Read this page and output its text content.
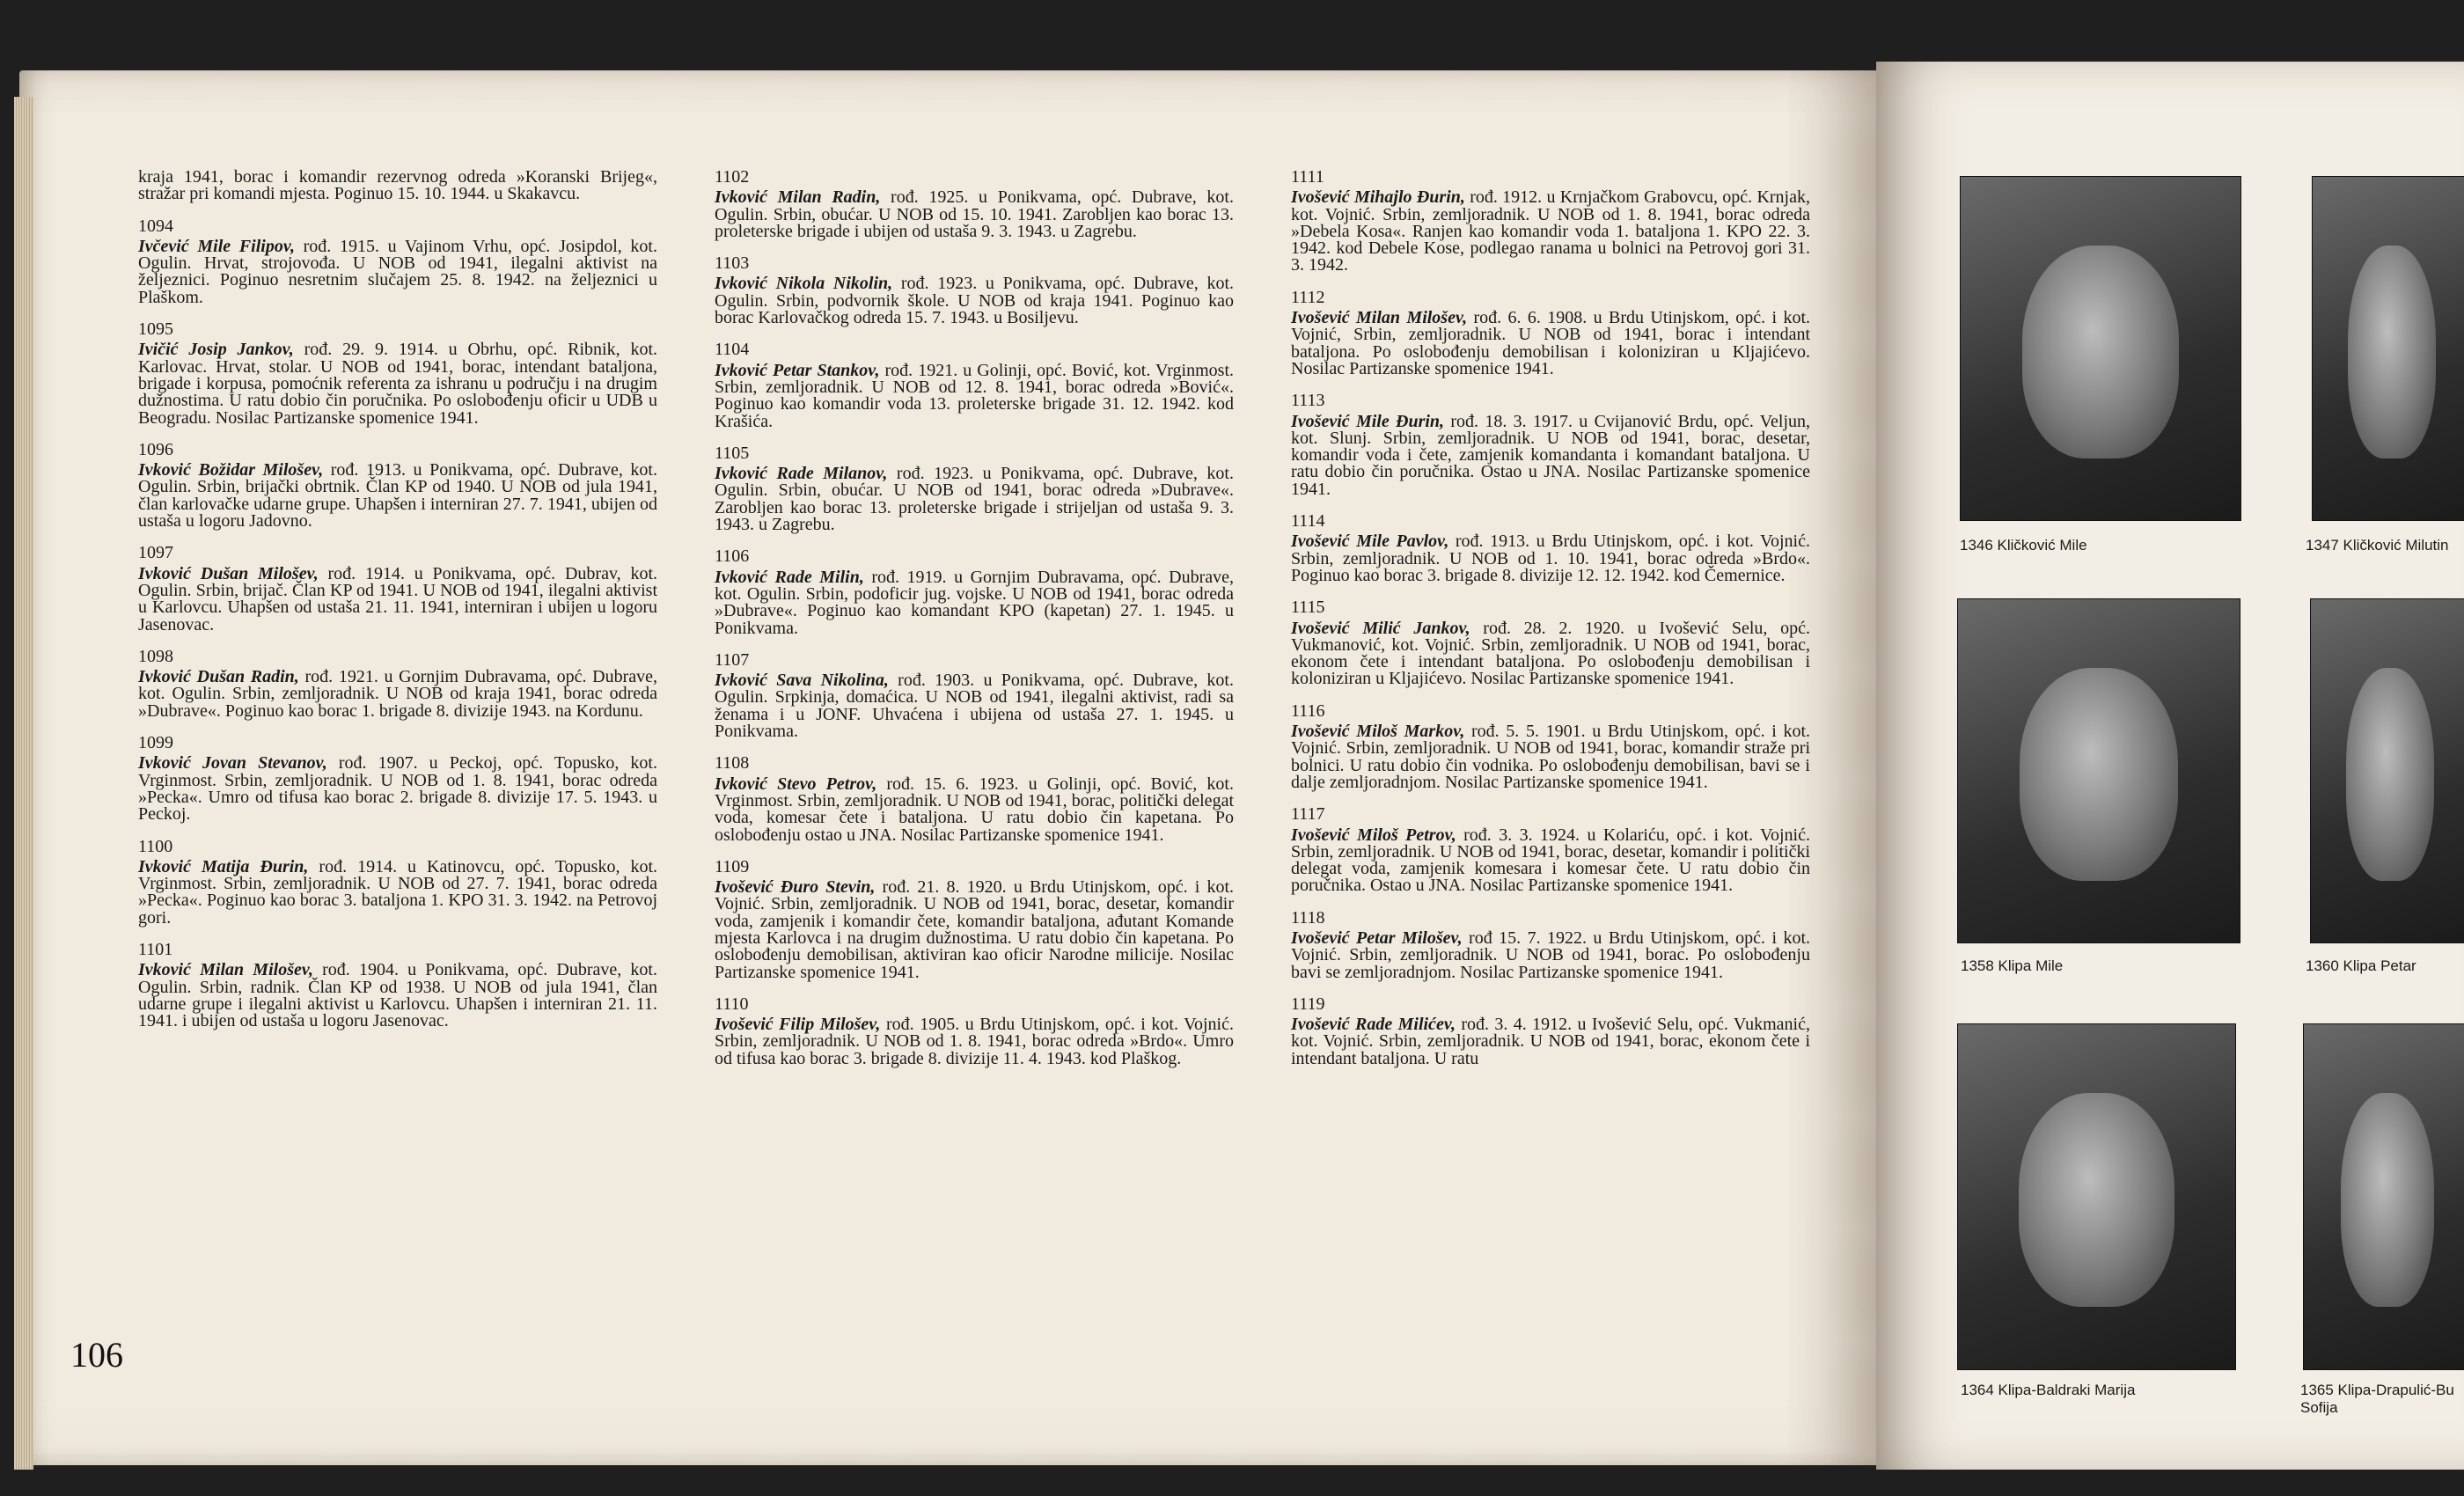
kraja 1941, borac i komandir rezervnog odreda »Koranski Brijeg«, stražar pri komandi mjesta. Poginuo 15. 10. 1944. u Skakavcu.

1094
Ivčević Mile Filipov, rođ. 1915. u Vajinom Vrhu, opć. Josipdol, kot. Ogulin. Hrvat, strojovođa. U NOB od 1941, ilegalni aktivist na željeznici. Poginuo nesretnim slučajem 25. 8. 1942. na željeznici u Plaškom.
1095
Ivičić Josip Jankov, rođ. 29. 9. 1914. u Obrhu, opć. Ribnik, kot. Karlovac. Hrvat, stolar. U NOB od 1941, borac, intendant bataljona, brigade i korpusa, pomoćnik referenta za ishranu u području i na drugim dužnostima. U ratu dobio čin poručnika. Po oslobođenju oficir u UDB u Beogradu. Nosilac Partizanske spomenice 1941.
1096
Ivković Božidar Milošev, rođ. 1913. u Ponikvama, opć. Dubrave, kot. Ogulin. Srbin, brijački obrtnik. Član KP od 1940. U NOB od jula 1941, član karlovačke udarne grupe. Uhapšen i interniran 27. 7. 1941, ubijen od ustaša u logoru Jadovno.
1097
Ivković Dušan Milošev, rođ. 1914. u Ponikvama, opć. Dubrav, kot. Ogulin. Srbin, brijač. Član KP od 1941. U NOB od 1941, ilegalni aktivist u Karlovcu. Uhapšen od ustaša 21. 11. 1941, interniran i ubijen u logoru Jasenovac.
1098
Ivković Dušan Radin, rođ. 1921. u Gornjim Dubravama, opć. Dubrave, kot. Ogulin. Srbin, zemljoradnik. U NOB od kraja 1941, borac odreda »Dubrave«. Poginuo kao borac 1. brigade 8. divizije 1943. na Kordunu.
1099
Ivković Jovan Stevanov, rođ. 1907. u Peckoj, opć. Topusko, kot. Vrginmost. Srbin, zemljoradnik. U NOB od 1. 8. 1941, borac odreda »Pecka«. Umro od tifusa kao borac 2. brigade 8. divizije 17. 5. 1943. u Peckoj.
1100
Ivković Matija Đurin, rođ. 1914. u Katinovcu, opć. Topusko, kot. Vrginmost. Srbin, zemljoradnik. U NOB od 27. 7. 1941, borac odreda »Pecka«. Poginuo kao borac 3. bataljona 1. KPO 31. 3. 1942. na Petrovoj gori.
1101
Ivković Milan Milošev, rođ. 1904. u Ponikvama, opć. Dubrave, kot. Ogulin. Srbin, radnik. Član KP od 1938. U NOB od jula 1941, član udarne grupe i ilegalni aktivist u Karlovcu. Uhapšen i interniran 21. 11. 1941. i ubijen od ustaša u logoru Jasenovac.
1102
Ivković Milan Radin, rođ. 1925. u Ponikvama, opć. Dubrave, kot. Ogulin. Srbin, obućar. U NOB od 15. 10. 1941. Zarobljen kao borac 13. proleterske brigade i ubijen od ustaša 9. 3. 1943. u Zagrebu.
1103
Ivković Nikola Nikolin, rođ. 1923. u Ponikvama, opć. Dubrave, kot. Ogulin. Srbin, podvornik škole. U NOB od kraja 1941. Poginuo kao borac Karlovačkog odreda 15. 7. 1943. u Bosiljevu.
1104
Ivković Petar Stankov, rođ. 1921. u Golinji, opć. Bović, kot. Vrginmost. Srbin, zemljoradnik. U NOB od 12. 8. 1941, borac odreda »Bović«. Poginuo kao komandir voda 13. proleterske brigade 31. 12. 1942. kod Krašića.
1105
Ivković Rade Milanov, rođ. 1923. u Ponikvama, opć. Dubrave, kot. Ogulin. Srbin, obućar. U NOB od 1941, borac odreda »Dubrave«. Zarobljen kao borac 13. proleterske brigade i strijeljan od ustaša 9. 3. 1943. u Zagrebu.
1106
Ivković Rade Milin, rođ. 1919. u Gornjim Dubravama, opć. Dubrave, kot. Ogulin. Srbin, podoficir jug. vojske. U NOB od 1941, borac odreda »Dubrave«. Poginuo kao komandant KPO (kapetan) 27. 1. 1945. u Ponikvama.
1107
Ivković Sava Nikolina, rođ. 1903. u Ponikvama, opć. Dubrave, kot. Ogulin. Srpkinja, domaćica. U NOB od 1941, ilegalni aktivist, radi sa ženama i u JONF. Uhvaćena i ubijena od ustaša 27. 1. 1945. u Ponikvama.
1108
Ivković Stevo Petrov, rođ. 15. 6. 1923. u Golinji, opć. Bović, kot. Vrginmost. Srbin, zemljoradnik. U NOB od 1941, borac, politički delegat voda, komesar čete i bataljona. U ratu dobio čin kapetana. Po oslobođenju ostao u JNA. Nosilac Partizanske spomenice 1941.
1109
Ivošević Đuro Stevin, rođ. 21. 8. 1920. u Brdu Utinjskom, opć. i kot. Vojnić. Srbin, zemljoradnik. U NOB od 1941, borac, desetar, komandir voda, zamjenik i komandir čete, komandir bataljona, ađutant Komande mjesta Karlovca i na drugim dužnostima. U ratu dobio čin kapetana. Po oslobođenju demobilisan, aktiviran kao oficir Narodne milicije. Nosilac Partizanske spomenice 1941.
1110
Ivošević Filip Milošev, rođ. 1905. u Brdu Utinjskom, opć. i kot. Vojnić. Srbin, zemljoradnik. U NOB od 1. 8. 1941, borac odreda »Brdo«. Umro od tifusa kao borac 3. brigade 8. divizije 11. 4. 1943. kod Plaškog.
1111
Ivošević Mihajlo Đurin, rođ. 1912. u Krnjačkom Grabovcu, opć. Krnjak, kot. Vojnić. Srbin, zemljoradnik. U NOB od 1. 8. 1941, borac odreda »Debela Kosa«. Ranjen kao komandir voda 1. bataljona 1. KPO 22. 3. 1942. kod Debele Kose, podlegao ranama u bolnici na Petrovoj gori 31. 3. 1942.
1112
Ivošević Milan Milošev, rođ. 6. 6. 1908. u Brdu Utinjskom, opć. i kot. Vojnić, Srbin, zemljoradnik. U NOB od 1941, borac i intendant bataljona. Po oslobođenju demobilisan i koloniziran u Kljajićevo. Nosilac Partizanske spomenice 1941.
1113
Ivošević Mile Đurin, rođ. 18. 3. 1917. u Cvijanović Brdu, opć. Veljun, kot. Slunj. Srbin, zemljoradnik. U NOB od 1941, borac, desetar, komandir voda i čete, zamjenik komandanta i komandant bataljona. U ratu dobio čin poručnika. Ostao u JNA. Nosilac Partizanske spomenice 1941.
1114
Ivošević Mile Pavlov, rođ. 1913. u Brdu Utinjskom, opć. i kot. Vojnić. Srbin, zemljoradnik. U NOB od 1. 10. 1941, borac odreda »Brdo«. Poginuo kao borac 3. brigade 8. divizije 12. 12. 1942. kod Čemernice.
1115
Ivošević Milić Jankov, rođ. 28. 2. 1920. u Ivošević Selu, opć. Vukmanović, kot. Vojnić. Srbin, zemljoradnik. U NOB od 1941, borac, ekonom čete i intendant bataljona. Po oslobođenju demobilisan i koloniziran u Kljajićevo. Nosilac Partizanske spomenice 1941.
1116
Ivošević Miloš Markov, rođ. 5. 5. 1901. u Brdu Utinjskom, opć. i kot. Vojnić. Srbin, zemljoradnik. U NOB od 1941, borac, komandir straže pri bolnici. U ratu dobio čin vodnika. Po oslobođenju demobilisan, bavi se i dalje zemljoradnjom. Nosilac Partizanske spomenice 1941.
1117
Ivošević Miloš Petrov, rođ. 3. 3. 1924. u Kolariću, opć. i kot. Vojnić. Srbin, zemljoradnik. U NOB od 1941, borac, desetar, komandir i politički delegat voda, zamjenik komesara i komesar čete. U ratu dobio čin poručnika. Ostao u JNA. Nosilac Partizanske spomenice 1941.
1118
Ivošević Petar Milošev, rođ 15. 7. 1922. u Brdu Utinjskom, opć. i kot. Vojnić. Srbin, zemljoradnik. U NOB od 1941, borac. Po oslobođenju bavi se zemljoradnjom. Nosilac Partizanske spomenice 1941.
1119
Ivošević Rade Milićev, rođ. 3. 4. 1912. u Ivošević Selu, opć. Vukmanić, kot. Vojnić. Srbin, zemljoradnik. U NOB od 1941, borac, ekonom čete i intendant bataljona. U ratu
106
1346 Kličković Mile	1347 Kličković Milutin
1358 Klipa Mile	1360 Klipa Petar
1364 Klipa-Baldraki Marija	1365 Klipa-Drapulić-Bu Sofija
